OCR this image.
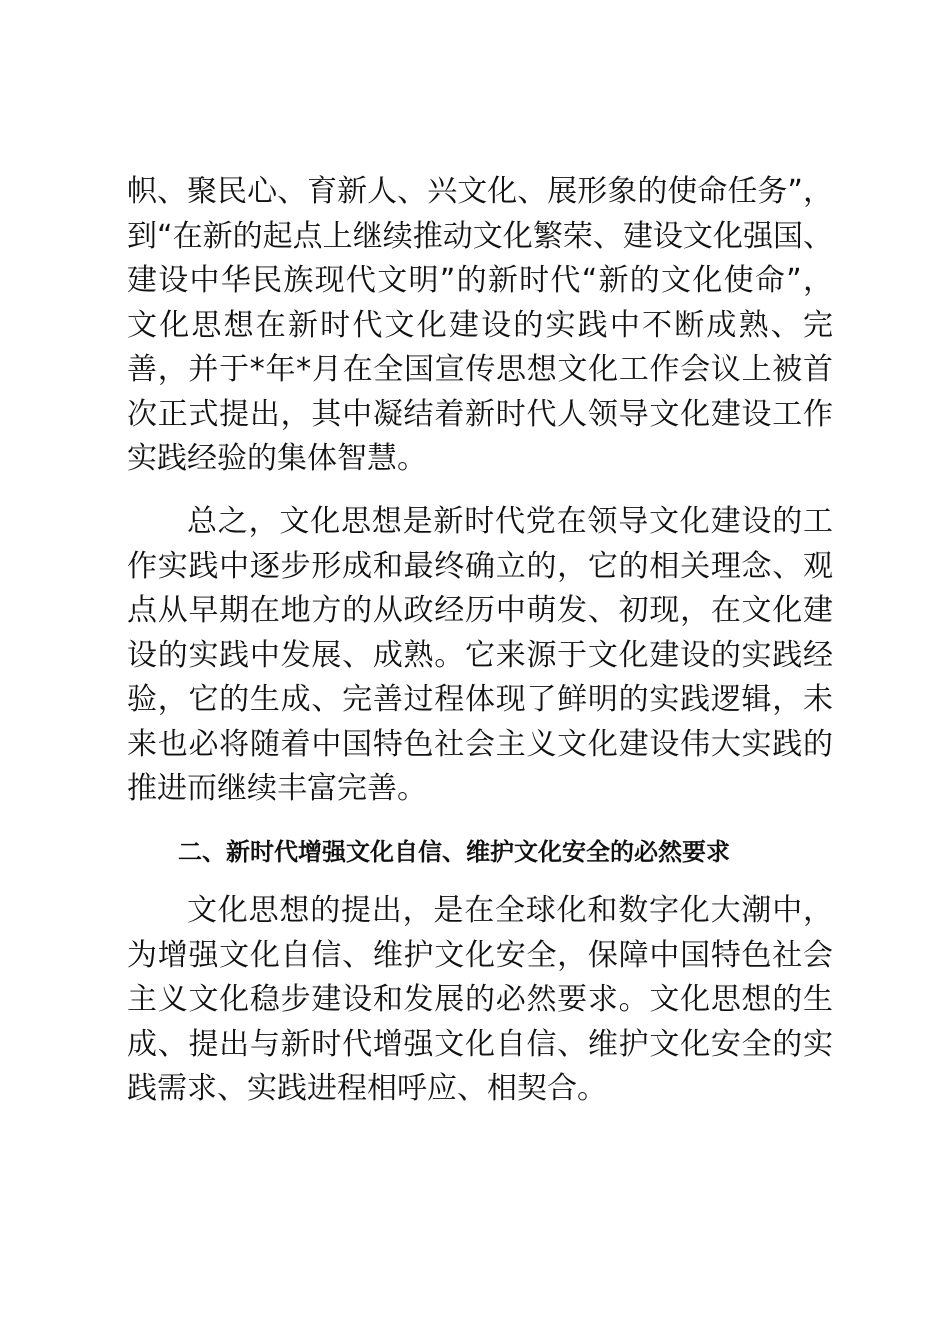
帜、聚民心、育新人、兴文化、展形象的使命任务”，到“在新的起点上继续推动文化繁荣、建设文化强国、建设中华民族现代文明”的新时代“新的文化使命”，文化思想在新时代文化建设的实践中不断成熟、完善，并于*年*月在全国宣传思想文化工作会议上被首次正式提出，其中凝结着新时代人领导文化建设工作实践经验的集体智慧。

总之，文化思想是新时代党在领导文化建设的工作实践中逐步形成和最终确立的，它的相关理念、观点从早期在地方的从政经历中萌发、初现，在文化建设的实践中发展、成熟。它来源于文化建设的实践经验，它的生成、完善过程体现了鲜明的实践逻辑，未来也必将随着中国特色社会主义文化建设伟大实践的推进而继续丰富完善。

二、新时代增强文化自信、维护文化安全的必然要求

文化思想的提出，是在全球化和数字化大潮中，为增强文化自信、维护文化安全，保障中国特色社会主义文化稳步建设和发展的必然要求。文化思想的生成、提出与新时代增强文化自信、维护文化安全的实践需求、实践进程相呼应、相契合。
